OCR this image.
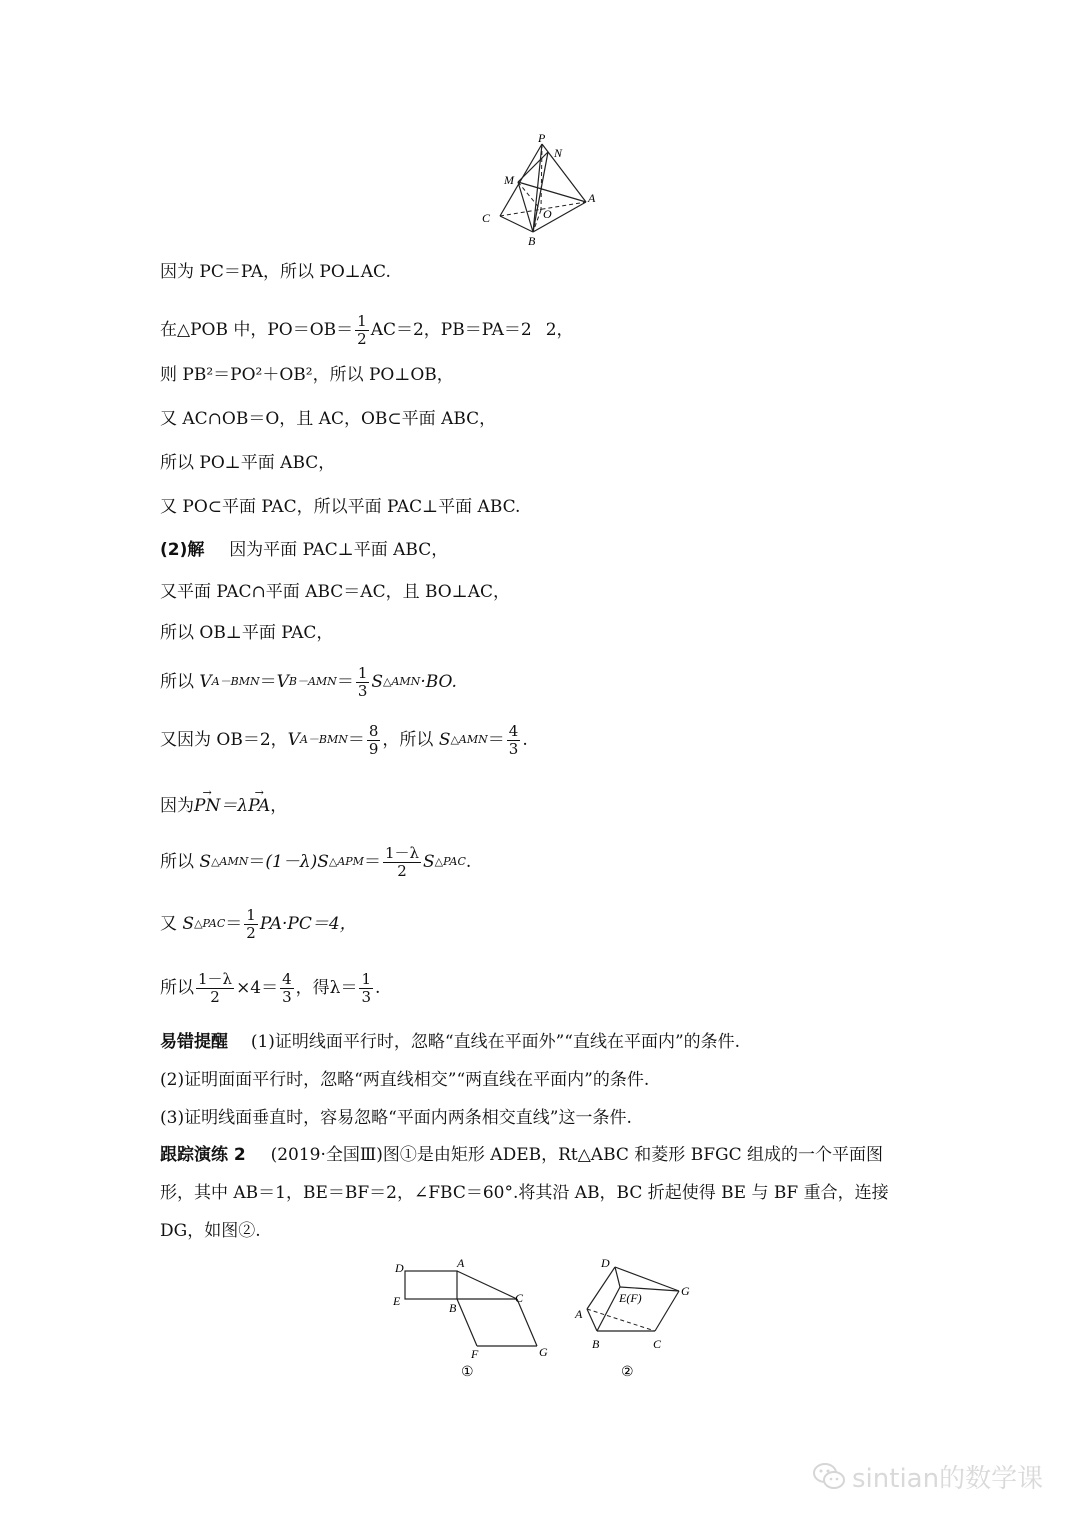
P
N
M
A
O
C
B
因为 PC＝PA，所以 PO⊥AC.
在△POB 中，$PO=OB= \frac{1}{2} AC=2$，PB＝PA＝2 2，
则 PB²＝PO²＋OB²，所以 PO⊥OB，
又 AC∩OB＝O，且 AC，OB⊂平面 ABC，
所以 PO⊥平面 ABC，
又 PO⊂平面 PAC，所以平面 PAC⊥平面 ABC.
(2)解 因为平面 PAC⊥平面 ABC，
又平面 PAC∩平面 ABC＝AC，且 BO⊥AC，
所以 OB⊥平面 PAC，
所以
V A－BMN ＝ V $B-AMN = \frac{1}{3}$ S △AMN ·BO.
又因为 OB＝2， V $A-BMN = \frac{8}{9}$ ，所以
S △AMN ＝ $\frac{4}{3}$ .
因为→ PN＝λ→ PA，
所以
S △AMN ＝ (1－λ) S △APM ＝ $\frac{1-\lambda}{2}$ S △PAC .
又
S △PAC ＝ $\frac{1}{2} PA\cdot PC=4$，
所以 $\frac{1-\lambda}{2} \times 4= \frac{4}{3}$ ，得$\lambda= \frac{1}{3}$ .
易错提醒 (1)证明线面平行时，忽略“直线在平面外”“直线在平面内”的条件.
(2)证明面面平行时，忽略“两直线相交”“两直线在平面内”的条件.
(3)证明线面垂直时，容易忽略“平面内两条相交直线”这一条件.
跟踪演练 2 (2019·全国Ⅲ)图①是由矩形 ADEB，Rt△ABC 和菱形 BFGC 组成的一个平面图
形，其中 AB＝1，BE＝BF＝2，∠FBC＝60°.将其沿 AB，BC 折起使得 BE 与 BF 重合，连接
DG，如图②.
D	A
E	B
C
F	G
①
D
G
E(F)
A
B	C
②
sintian的数学课
